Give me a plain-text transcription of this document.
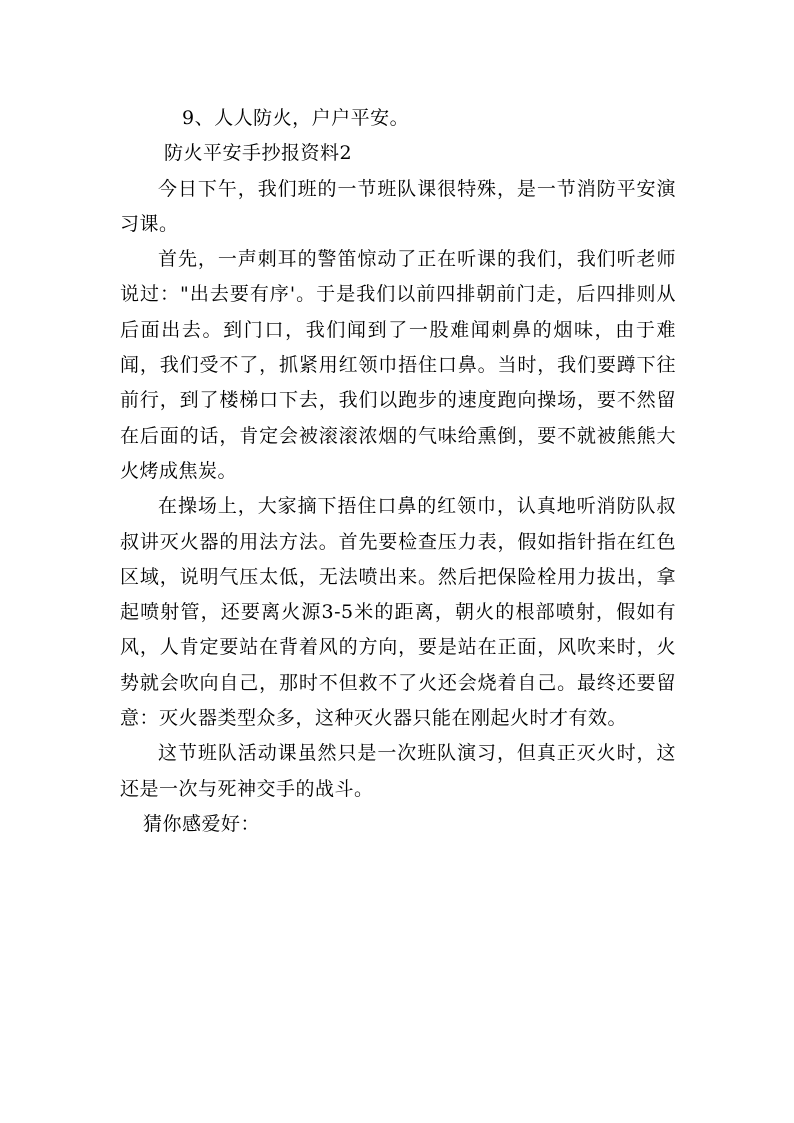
9、人人防火，户户平安。

防火平安手抄报资料2

今日下午，我们班的一节班队课很特殊，是一节消防平安演习课。

首先，一声刺耳的警笛惊动了正在听课的我们，我们听老师说过："出去要有序'。于是我们以前四排朝前门走，后四排则从后面出去。到门口，我们闻到了一股难闻刺鼻的烟味，由于难闻，我们受不了，抓紧用红领巾捂住口鼻。当时，我们要蹲下往前行，到了楼梯口下去，我们以跑步的速度跑向操场，要不然留在后面的话，肯定会被滚滚浓烟的气味给熏倒，要不就被熊熊大火烤成焦炭。

在操场上，大家摘下捂住口鼻的红领巾，认真地听消防队叔叔讲灭火器的用法方法。首先要检查压力表，假如指针指在红色区域，说明气压太低，无法喷出来。然后把保险栓用力拔出，拿起喷射管，还要离火源3-5米的距离，朝火的根部喷射，假如有风，人肯定要站在背着风的方向，要是站在正面，风吹来时，火势就会吹向自己，那时不但救不了火还会烧着自己。最终还要留意：灭火器类型众多，这种灭火器只能在刚起火时才有效。

这节班队活动课虽然只是一次班队演习，但真正灭火时，这还是一次与死神交手的战斗。

猜你感爱好：
